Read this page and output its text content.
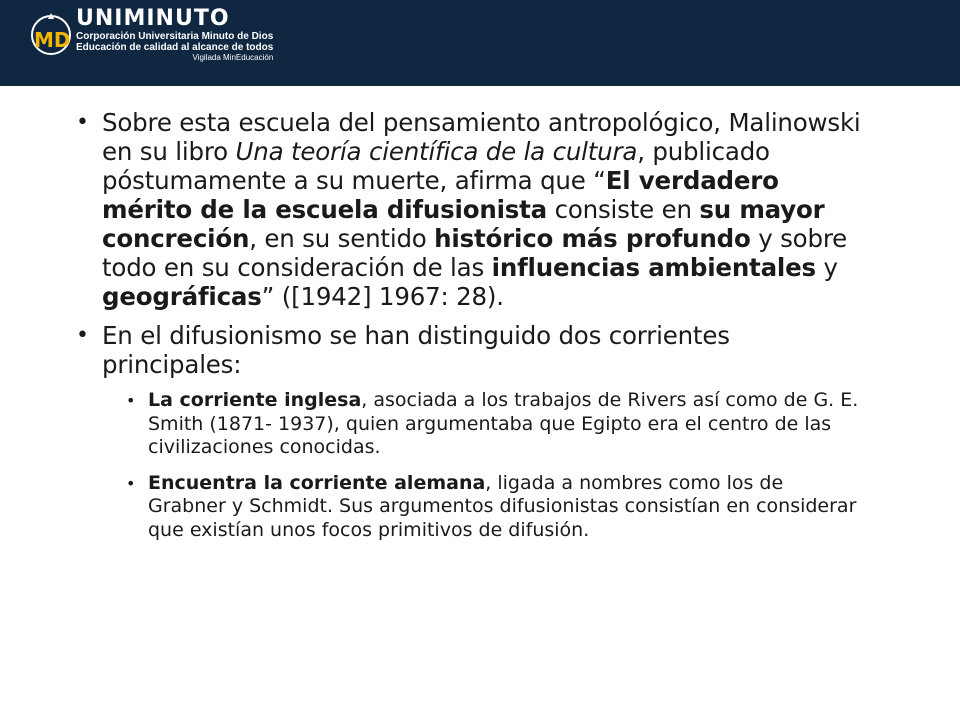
MD
UNIMINUTO
Corporación Universitaria Minuto de Dios
Educación de calidad al alcance de todos
Vigilada MinEducación
• Sobre esta escuela del pensamiento antropológico, Malinowski en su libro Una teoría científica de la cultura, publicado póstumamente a su muerte, afirma que “El verdadero mérito de la escuela difusionista consiste en su mayor concreción, en su sentido histórico más profundo y sobre todo en su consideración de las influencias ambientales y geográficas” ([1942] 1967: 28).
• En el difusionismo se han distinguido dos corrientes principales:
• La corriente inglesa, asociada a los trabajos de Rivers así como de G. E. Smith (1871- 1937), quien argumentaba que Egipto era el centro de las civilizaciones conocidas.
• Encuentra la corriente alemana, ligada a nombres como los de Grabner y Schmidt. Sus argumentos difusionistas consistían en considerar que existían unos focos primitivos de difusión.
